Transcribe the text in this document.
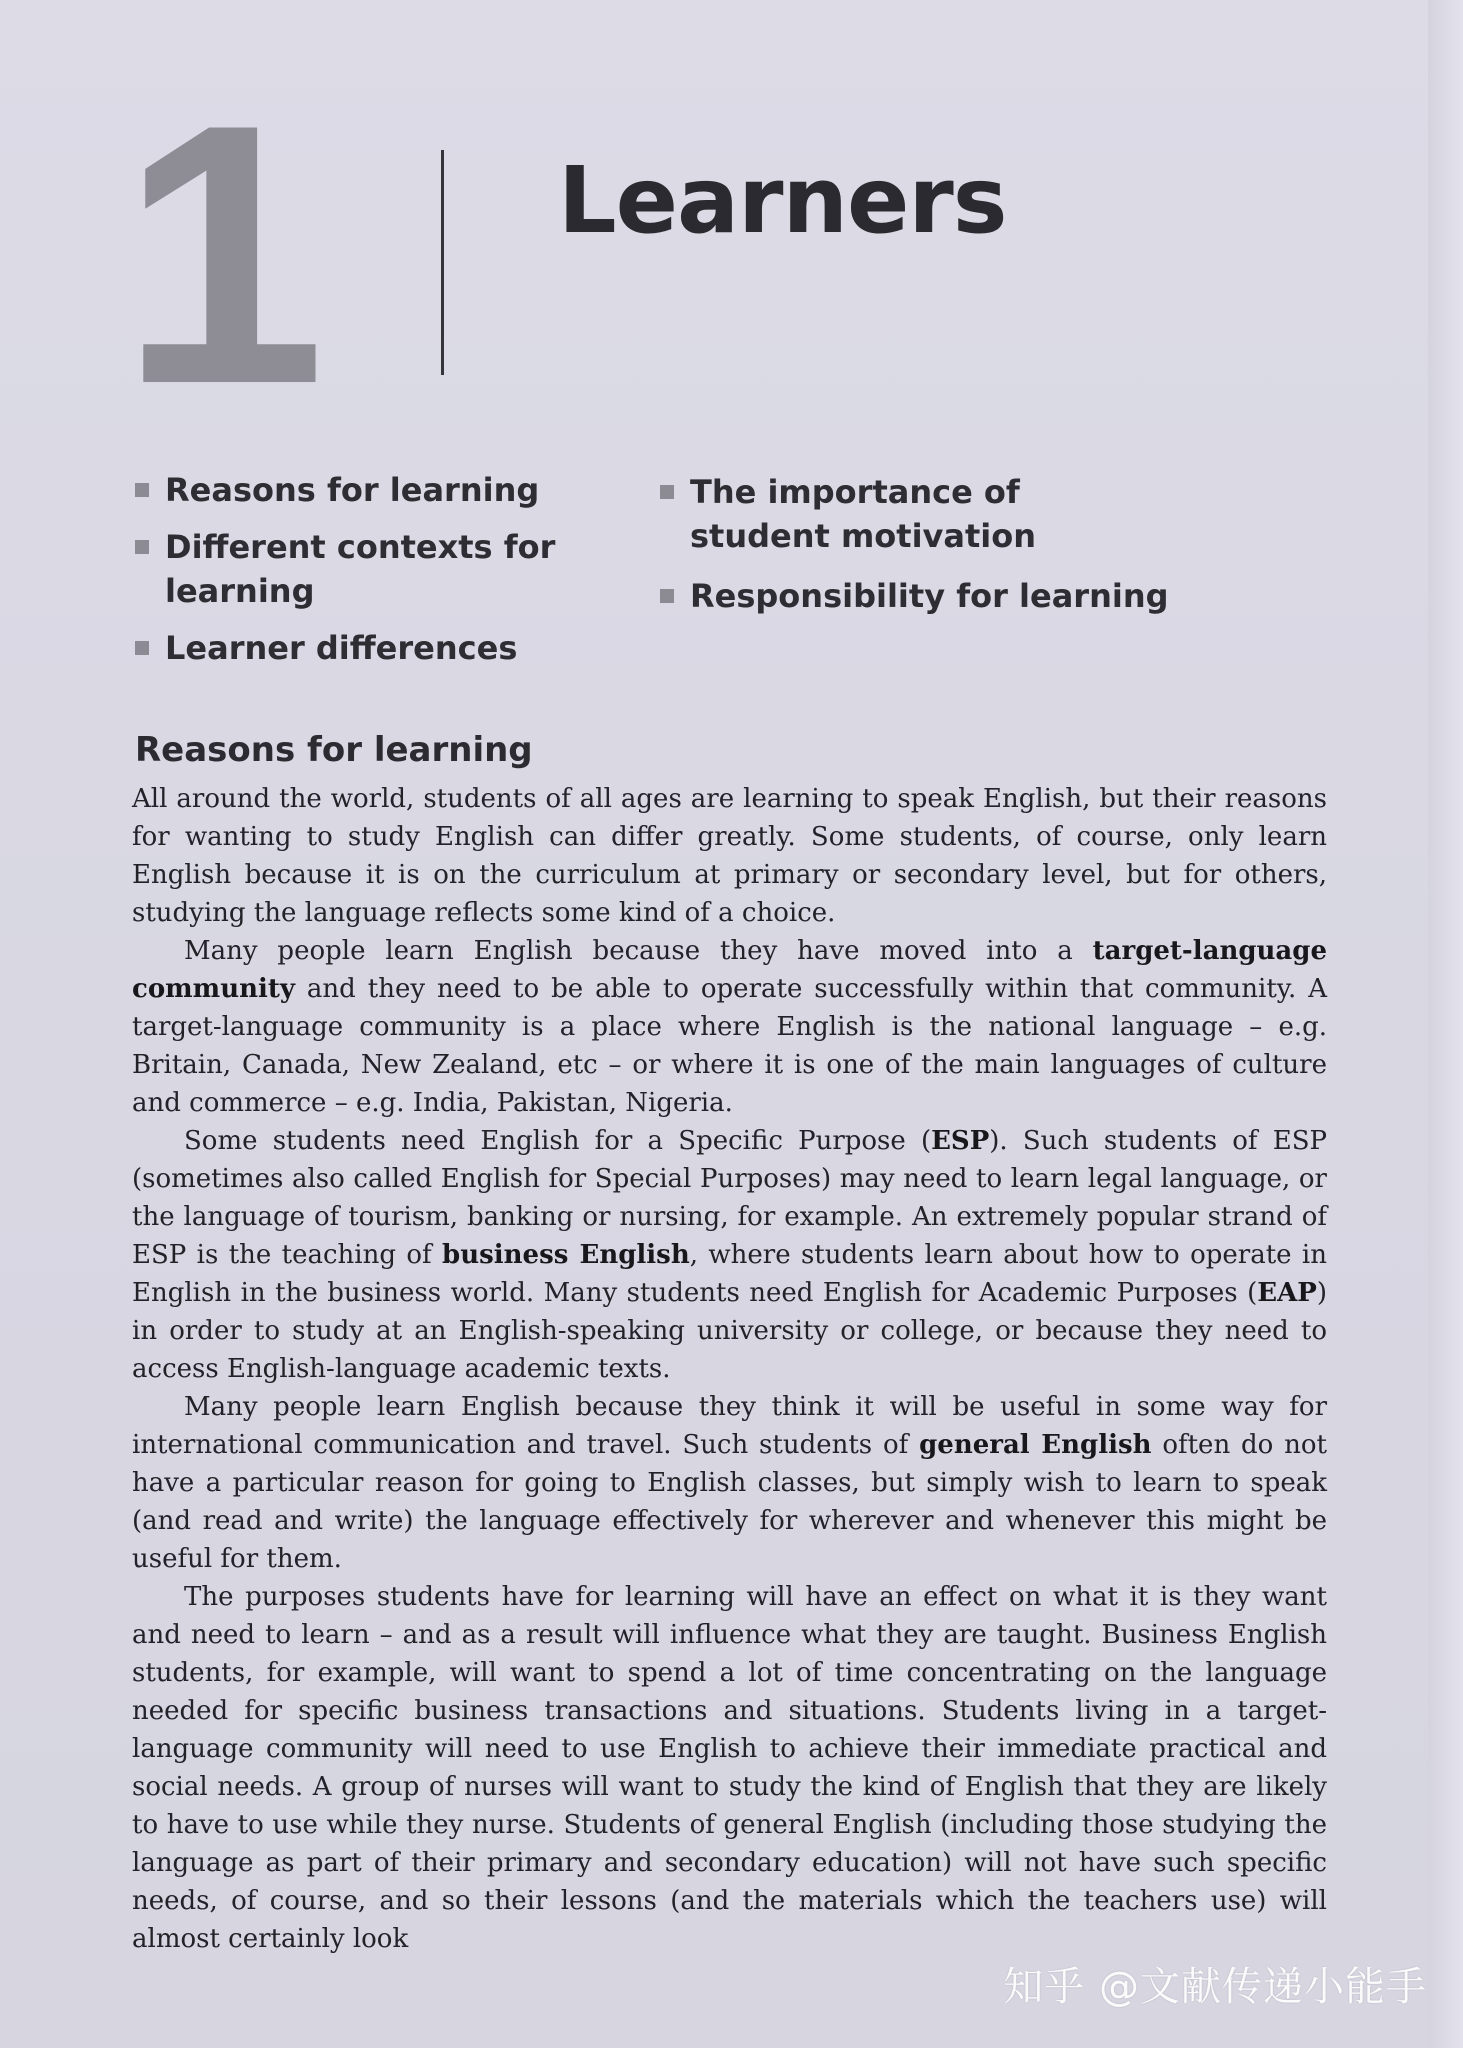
1	Learners
Reasons for learning
Different contexts for learning
Learner differences
The importance of student motivation
Responsibility for learning
Reasons for learning

All around the world, students of all ages are learning to speak English, but their reasons for wanting to study English can differ greatly. Some students, of course, only learn English because it is on the curriculum at primary or secondary level, but for others, studying the language reflects some kind of a choice.

Many people learn English because they have moved into a target-language community and they need to be able to operate successfully within that community. A target-language community is a place where English is the national language – e.g. Britain, Canada, New Zealand, etc – or where it is one of the main languages of culture and commerce – e.g. India, Pakistan, Nigeria.

Some students need English for a Specific Purpose (ESP). Such students of ESP (sometimes also called English for Special Purposes) may need to learn legal language, or the language of tourism, banking or nursing, for example. An extremely popular strand of ESP is the teaching of business English, where students learn about how to operate in English in the business world. Many students need English for Academic Purposes (EAP) in order to study at an English-speaking university or college, or because they need to access English-language academic texts.

Many people learn English because they think it will be useful in some way for international communication and travel. Such students of general English often do not have a particular reason for going to English classes, but simply wish to learn to speak (and read and write) the language effectively for wherever and whenever this might be useful for them.

The purposes students have for learning will have an effect on what it is they want and need to learn – and as a result will influence what they are taught. Business English students, for example, will want to spend a lot of time concentrating on the language needed for specific business transactions and situations. Students living in a target-language community will need to use English to achieve their immediate practical and social needs. A group of nurses will want to study the kind of English that they are likely to have to use while they nurse. Students of general English (including those studying the language as part of their primary and secondary education) will not have such specific needs, of course, and so their lessons (and the materials which the teachers use) will almost certainly look

知乎 @文献传递小能手
